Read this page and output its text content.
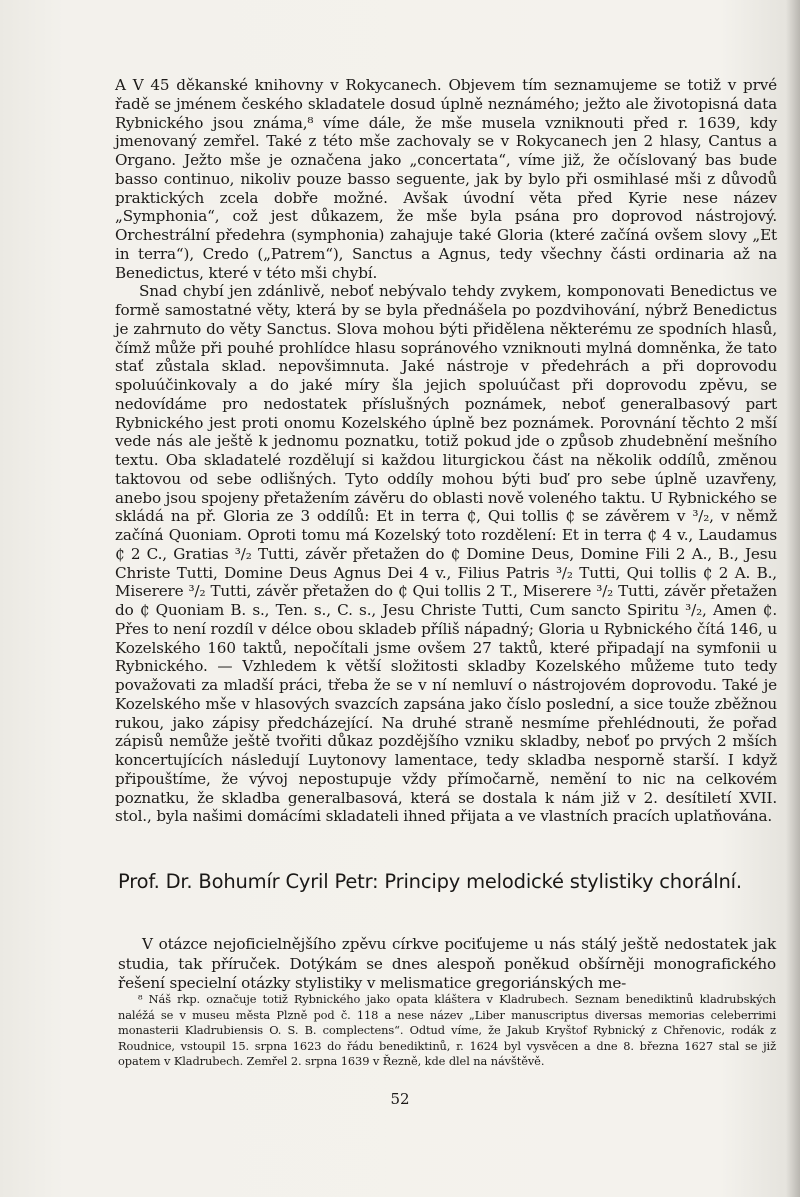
A V 45 děkanské knihovny v Rokycanech. Objevem tím seznamujeme se totiž v prvé řadě se jménem českého skladatele dosud úplně neznámého; ježto ale životopisná data Rybnického jsou známa,⁸ víme dále, že mše musela vzniknouti před r. 1639, kdy jmenovaný zemřel. Také z této mše zachovaly se v Rokycanech jen 2 hlasy, Cantus a Organo. Ježto mše je označena jako „concertata“, víme již, že očíslovaný bas bude basso continuo, nikoliv pouze basso seguente, jak by bylo při osmihlasé mši z důvodů praktických zcela dobře možné. Avšak úvodní věta před Kyrie nese název „Symphonia“, což jest důkazem, že mše byla psána pro doprovod nástrojový. Orchestrální předehra (symphonia) zahajuje také Gloria (které začíná ovšem slovy „Et in terra“), Credo („Patrem“), Sanctus a Agnus, tedy všechny části ordinaria až na Benedictus, které v této mši chybí.

Snad chybí jen zdánlivě, neboť nebývalo tehdy zvykem, komponovati Benedictus ve formě samostatné věty, která by se byla přednášela po pozdvihování, nýbrž Benedictus je zahrnuto do věty Sanctus. Slova mohou býti přidělena některému ze spodních hlasů, čímž může při pouhé prohlídce hlasu sopránového vzniknouti mylná domněnka, že tato stať zůstala sklad. nepovšimnuta. Jaké nástroje v předehrách a při doprovodu spoluúčinkovaly a do jaké míry šla jejich spoluúčast při doprovodu zpěvu, se nedovídáme pro nedostatek příslušných poznámek, neboť generalbasový part Rybnického jest proti onomu Kozelského úplně bez poznámek. Porovnání těchto 2 mší vede nás ale ještě k jednomu poznatku, totiž pokud jde o způsob zhudebnění mešního textu. Oba skladatelé rozdělují si každou liturgickou část na několik oddílů, změnou taktovou od sebe odlišných. Tyto oddíly mohou býti buď pro sebe úplně uzavřeny, anebo jsou spojeny přetažením závěru do oblasti nově voleného taktu. U Rybnického se skládá na př. Gloria ze 3 oddílů: Et in terra ₵, Qui tollis ₵ se závěrem v ³/₂, v němž začíná Quoniam. Oproti tomu má Kozelský toto rozdělení: Et in terra ₵ 4 v., Laudamus ₵ 2 C., Gratias ³/₂ Tutti, závěr přetažen do ₵ Domine Deus, Domine Fili 2 A., B., Jesu Christe Tutti, Domine Deus Agnus Dei 4 v., Filius Patris ³/₂ Tutti, Qui tollis ₵ 2 A. B., Miserere ³/₂ Tutti, závěr přetažen do ₵ Qui tollis 2 T., Miserere ³/₂ Tutti, závěr přetažen do ₵ Quoniam B. s., Ten. s., C. s., Jesu Christe Tutti, Cum sancto Spiritu ³/₂, Amen ₵. Přes to není rozdíl v délce obou skladeb příliš nápadný; Gloria u Rybnického čítá 146, u Kozelského 160 taktů, nepočítali jsme ovšem 27 taktů, které připadají na symfonii u Rybnického. — Vzhledem k větší složitosti skladby Kozelského můžeme tuto tedy považovati za mladší práci, třeba že se v ní nemluví o nástrojovém doprovodu. Také je Kozelského mše v hlasových svazcích zapsána jako číslo poslední, a sice touže zběžnou rukou, jako zápisy předcházející. Na druhé straně nesmíme přehlédnouti, že pořad zápisů nemůže ještě tvořiti důkaz pozdějšího vzniku skladby, neboť po prvých 2 mších koncertujících následují Luytonovy lamentace, tedy skladba nesporně starší. I když připouštíme, že vývoj nepostupuje vždy přímočarně, nemění to nic na celkovém poznatku, že skladba generalbasová, která se dostala k nám již v 2. desítiletí XVII. stol., byla našimi domácími skladateli ihned přijata a ve vlastních pracích uplatňována.

Prof. Dr. Bohumír Cyril Petr: Principy melodické stylistiky chorální.

V otázce nejoficielnějšího zpěvu církve pociťujeme u nás stálý ještě nedostatek jak studia, tak příruček. Dotýkám se dnes alespoň poněkud obšírněji monografického řešení specielní otázky stylistiky v melismatice gregoriánských me-

⁸ Náš rkp. označuje totiž Rybnického jako opata kláštera v Kladrubech. Seznam benediktinů kladrubských naléžá se v museu města Plzně pod č. 118 a nese název „Liber manuscriptus diversas memorias celeberrimi monasterii Kladrubiensis O. S. B. complectens“. Odtud víme, že Jakub Kryštof Rybnický z Chřenovic, rodák z Roudnice, vstoupil 15. srpna 1623 do řádu benediktinů, r. 1624 byl vysvěcen a dne 8. března 1627 stal se již opatem v Kladrubech. Zemřel 2. srpna 1639 v Řezně, kde dlel na návštěvě.

52
